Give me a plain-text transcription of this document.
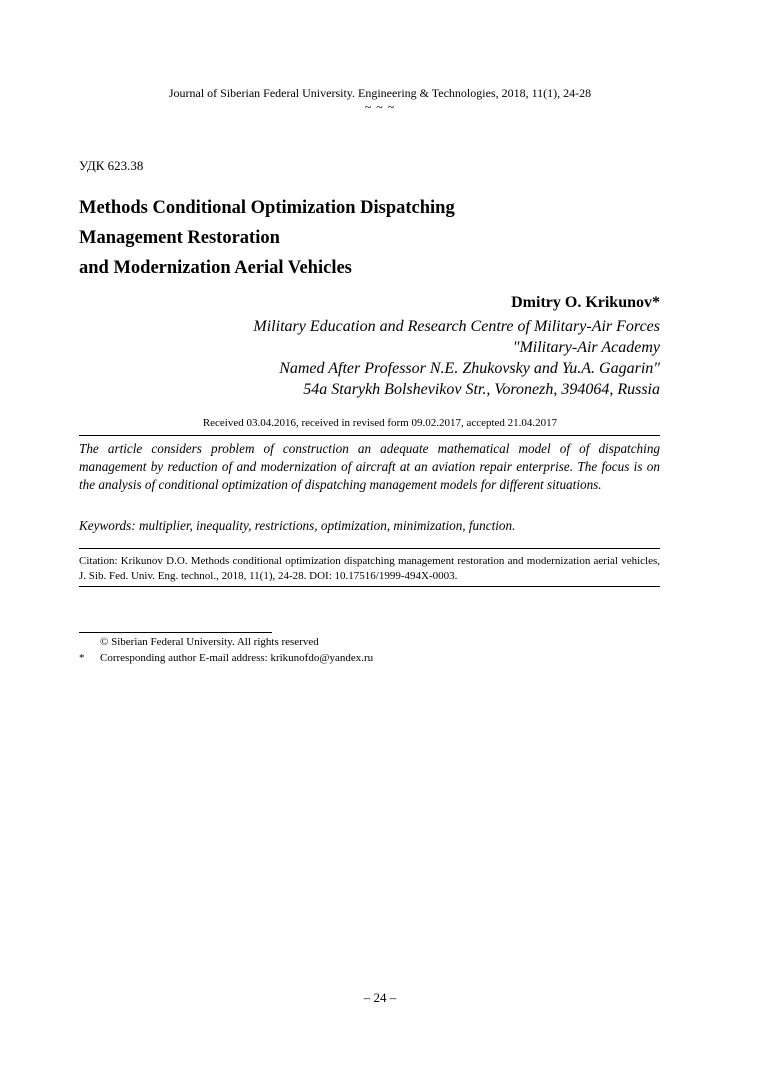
Journal of Siberian Federal University. Engineering & Technologies, 2018, 11(1), 24-28
~ ~ ~
УДК 623.38
Methods Conditional Optimization Dispatching
Management Restoration
and Modernization Aerial Vehicles
Dmitry O. Krikunov*
Military Education and Research Centre of Military-Air Forces
"Military-Air Academy
Named After Professor N.E. Zhukovsky and Yu.A. Gagarin"
54a Starykh Bolshevikov Str., Voronezh, 394064, Russia
Received 03.04.2016, received in revised form 09.02.2017, accepted 21.04.2017
The article considers problem of construction an adequate mathematical model of of dispatching management by reduction of and modernization of aircraft at an aviation repair enterprise. The focus is on the analysis of conditional optimization of dispatching management models for different situations.
Keywords: multiplier, inequality, restrictions, optimization, minimization, function.
Citation: Krikunov D.O. Methods conditional optimization dispatching management restoration and modernization aerial vehicles, J. Sib. Fed. Univ. Eng. technol., 2018, 11(1), 24-28. DOI: 10.17516/1999-494X-0003.
© Siberian Federal University. All rights reserved
* Corresponding author E-mail address: krikunofdo@yandex.ru
– 24 –
